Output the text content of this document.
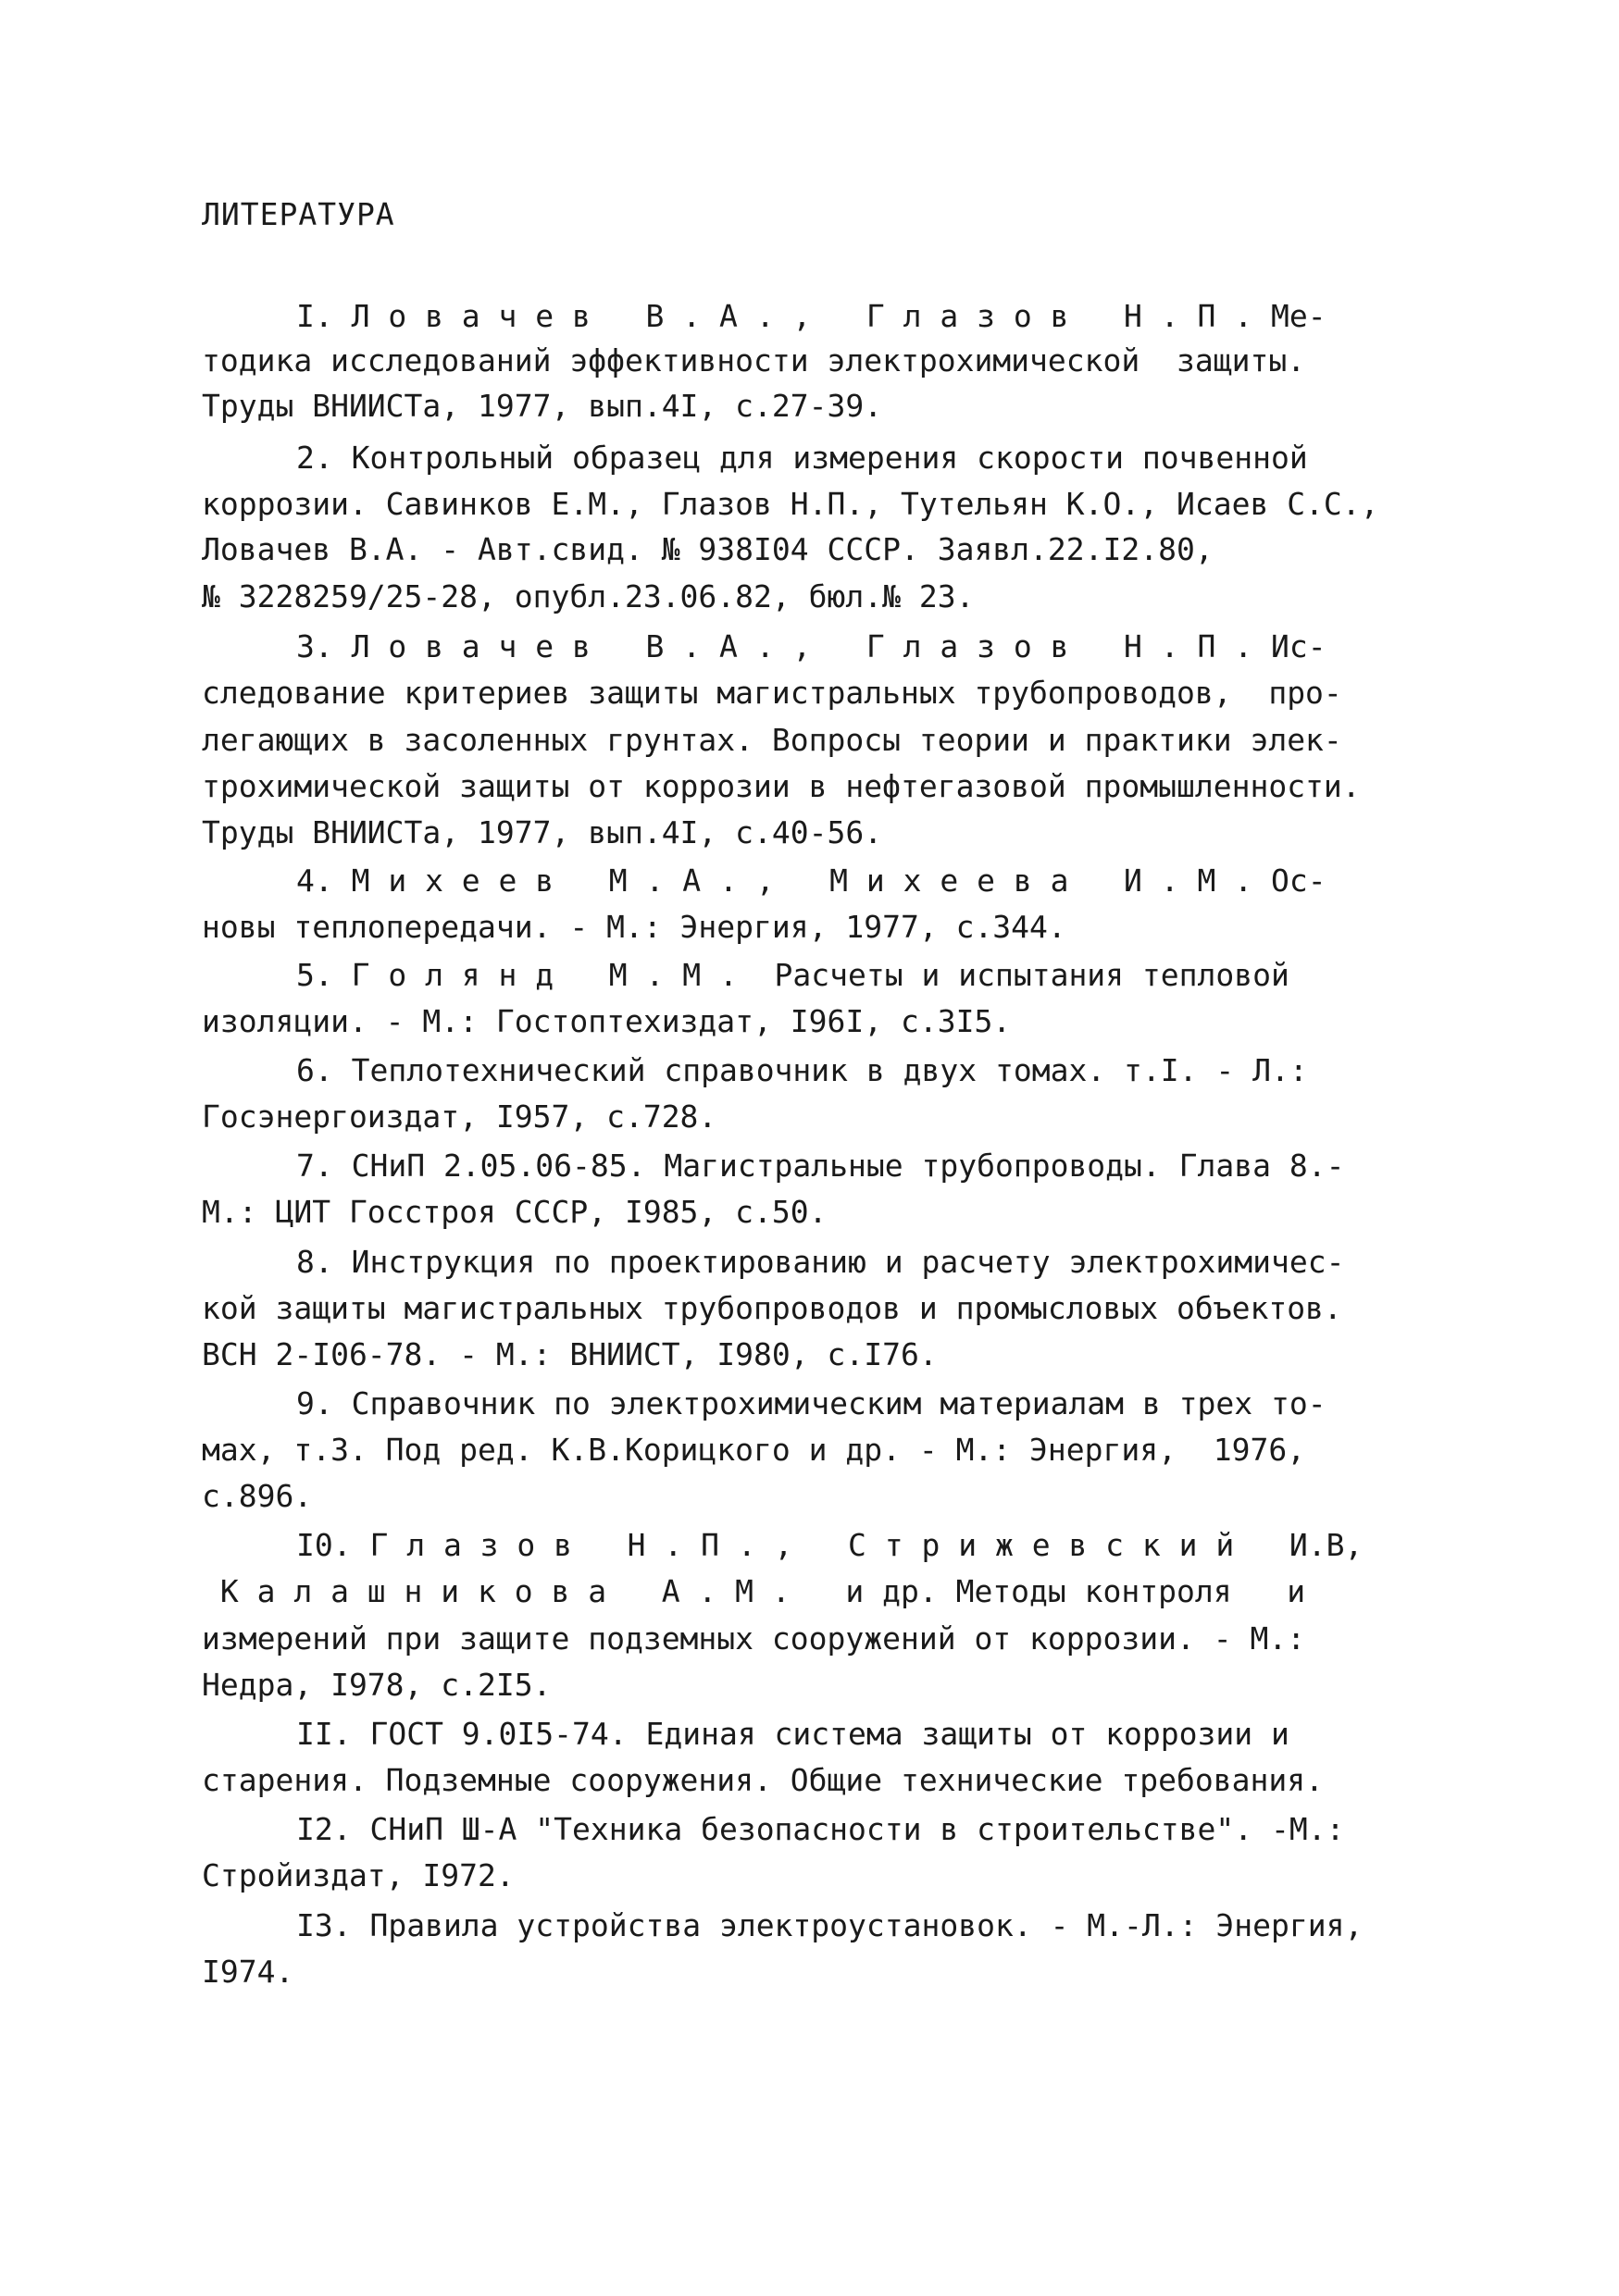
ЛИТЕРАТУРА
I. Л о в а ч е в   В . А . ,   Г л а з о в   Н . П . Ме-
тодика исследований эффективности электрохимической  защиты.
Труды ВНИИСТа, 1977, вып.4I, с.27-39.
2. Контрольный образец для измерения скорости почвенной
коррозии. Савинков Е.М., Глазов Н.П., Тутельян К.О., Исаев С.С.,
Ловачев В.А. - Авт.свид. № 938I04 СССР. Заявл.22.I2.80,
№ 3228259/25-28, опубл.23.06.82, бюл.№ 23.
3. Л о в а ч е в   В . А . ,   Г л а з о в   Н . П . Ис-
следование критериев защиты магистральных трубопроводов,  про-
легающих в засоленных грунтах. Вопросы теории и практики элек-
трохимической защиты от коррозии в нефтегазовой промышленности.
Труды ВНИИСТа, 1977, вып.4I, с.40-56.
4. М и х е е в   М . А . ,   М и х е е в а   И . М . Ос-
новы теплопередачи. - М.: Энергия, 1977, с.344.
5. Г о л я н д   М . М .  Расчеты и испытания тепловой
изоляции. - М.: Гостоптехиздат, I96I, с.3I5.
6. Теплотехнический справочник в двух томах. т.I. - Л.:
Госэнергоиздат, I957, с.728.
7. СНиП 2.05.06-85. Магистральные трубопроводы. Глава 8.-
М.: ЦИТ Госстроя СССР, I985, с.50.
8. Инструкция по проектированию и расчету электрохимичес-
кой защиты магистральных трубопроводов и промысловых объектов.
ВСН 2-I06-78. - М.: ВНИИСТ, I980, с.I76.
9. Справочник по электрохимическим материалам в трех то-
мах, т.3. Под ред. К.В.Корицкого и др. - М.: Энергия,  1976,
с.896.
I0. Г л а з о в   Н . П . ,   С т р и ж е в с к и й   И.В,
К а л а ш н и к о в а   А . М .   и др. Методы контроля   и
измерений при защите подземных сооружений от коррозии. - М.:
Недра, I978, с.2I5.
II. ГОСТ 9.0I5-74. Единая система защиты от коррозии и
старения. Подземные сооружения. Общие технические требования.
I2. СНиП Ш-А "Техника безопасности в строительстве". -М.:
Стройиздат, I972.
I3. Правила устройства электроустановок. - М.-Л.: Энергия,
I974.
